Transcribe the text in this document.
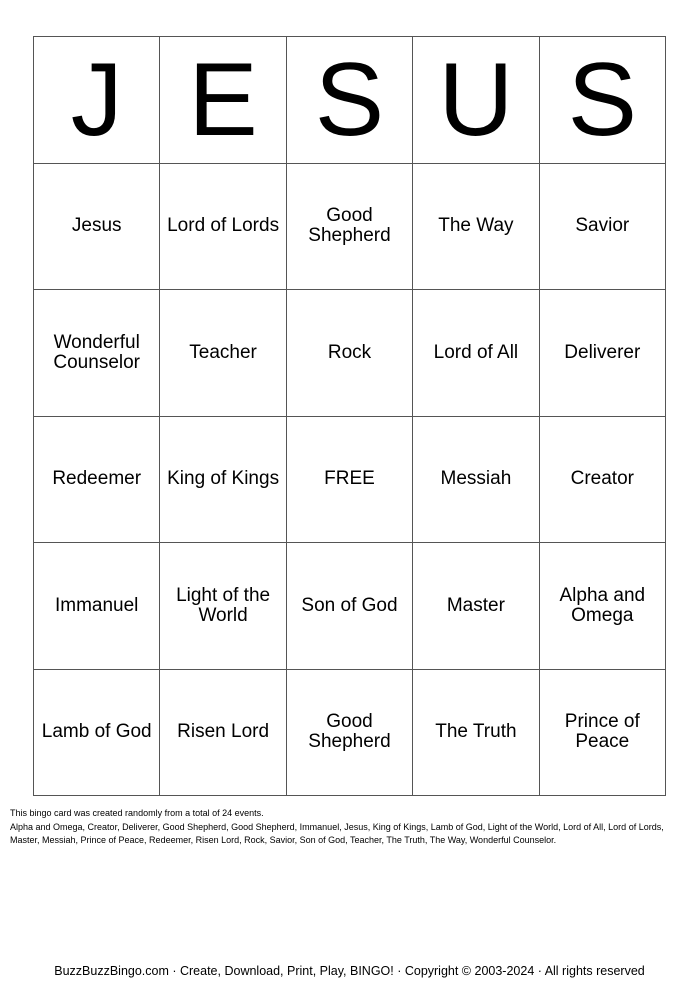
J E S U S
Jesus	Lord of Lords	Good Shepherd	The Way	Savior
Wonderful Counselor	Teacher	Rock	Lord of All	Deliverer
Redeemer	King of Kings	FREE	Messiah	Creator
Immanuel	Light of the World	Son of God	Master	Alpha and Omega
Lamb of God	Risen Lord	Good Shepherd	The Truth	Prince of Peace

This bingo card was created randomly from a total of 24 events.

Alpha and Omega, Creator, Deliverer, Good Shepherd, Good Shepherd, Immanuel, Jesus, King of Kings, Lamb of God, Light of the World, Lord of All, Lord of Lords, Master, Messiah, Prince of Peace, Redeemer, Risen Lord, Rock, Savior, Son of God, Teacher, The Truth, The Way, Wonderful Counselor.

BuzzBuzzBingo.com · Create, Download, Print, Play, BINGO! · Copyright © 2003-2024 · All rights reserved
